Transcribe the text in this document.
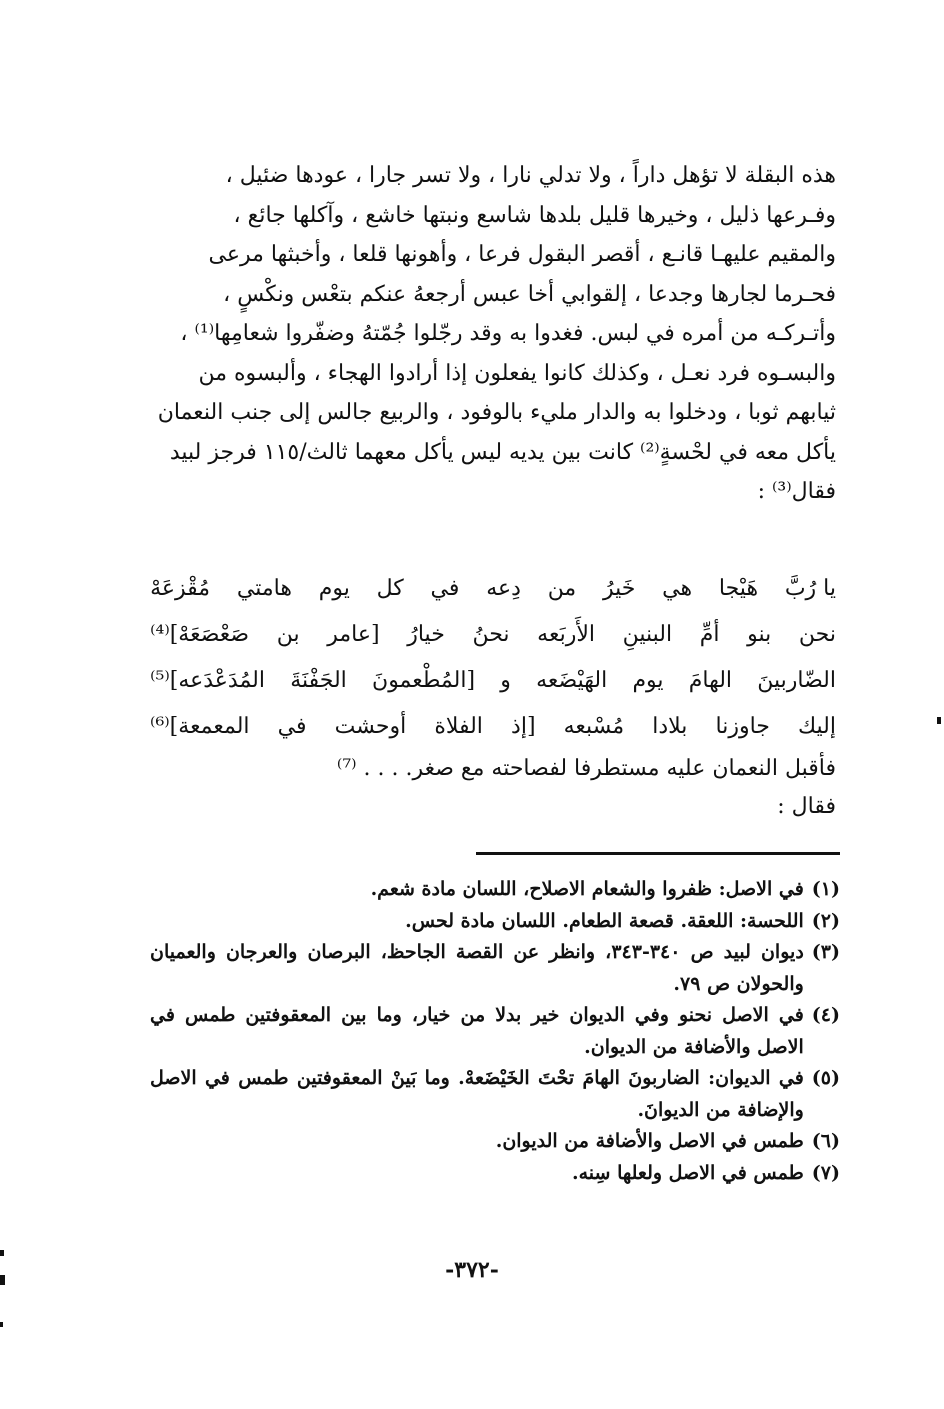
هذه البقلة لا تؤهل داراً ، ولا تدلي نارا ، ولا تسر جارا ، عودها ضئيل ،

وفـرعها ذليل ، وخيرها قليل بلدها شاسع ونبتها خاشع ، وآكلها جائع ،

والمقيم عليهـا قانـع ، أقصر البقول فرعا ، وأهونها قلعا ، وأخبثها مرعى

فحـرما لجارها وجدعا ، إلقوابي أخا عبس أرجعهُ عنكم بتعْس ونكْسٍ ،

وأتـركـه من أمره في لبس. فغدوا به وقد رجّلوا جُمّتهُ وضفّروا شعامِها⁽¹⁾ ،

والبسـوه فرد نعـل ، وكذلك كانوا يفعلون إذا أرادوا الهجاء ، وألبسوه من

ثيابهم ثوبا ، ودخلوا به والدار مليء بالوفود ، والربيع جالس إلى جنب النعمان

يأكل معه في لحْسةٍ⁽²⁾ كانت بين يديه ليس يأكل معهما ثالث/١١٥ فرجز لبيد

فقال⁽³⁾ :

يا رُبَّ
هَيْجا
هي
خَيرُ
من
دِعه
في
كل
يوم
هامتي
مُقْزعَهْ
نحن
بنو
أمِّ
البنينِ
الأَربَعه
نحنُ
خيارُ
[عامر
بن
صَعْصَعَهْ]⁽⁴⁾
الضّاربينَ
الهامَ
يوم
الهَيْضَعه
و
[المُطْعمونَ
الجَفْنَةَ
المُدَعْدَعه]⁽⁵⁾
إليك
جاوزنا
بلادا
مُسْبعه
[إذ
الفلاة
أوحشت
في
المعمعة]⁽⁶⁾

فأقبل النعمان عليه مستطرفا لفصاحته مع صغر. . . . ⁽⁷⁾

فقال :

(١)
في الاصل: ظفروا والشعام الاصلاح، اللسان مادة شعم.
(٢)
اللحسة: اللعقة. قصعة الطعام. اللسان مادة لحس.
(٣)
ديوان لبيد ص ٣٤٠-٣٤٣، وانظر عن القصة الجاحظ، البرصان والعرجان والعميان والحولان ص ٧٩.
(٤)
في الاصل نحنو وفي الديوان خير بدلا من خيار، وما بين المعقوفتين طمس في الاصل والأضافة من الديوان.
(٥)
في الديوان: الضاربونَ الهامَ تحْتَ الخَيْضَعهْ. وما بَينْ المعقوفتين طمس في الاصل والإضافة من الديوانَ.
(٦)
طمس في الاصل والأضافة من الديوان.
(٧)
طمس في الاصل ولعلها سِنه.
-٣٧٢-
